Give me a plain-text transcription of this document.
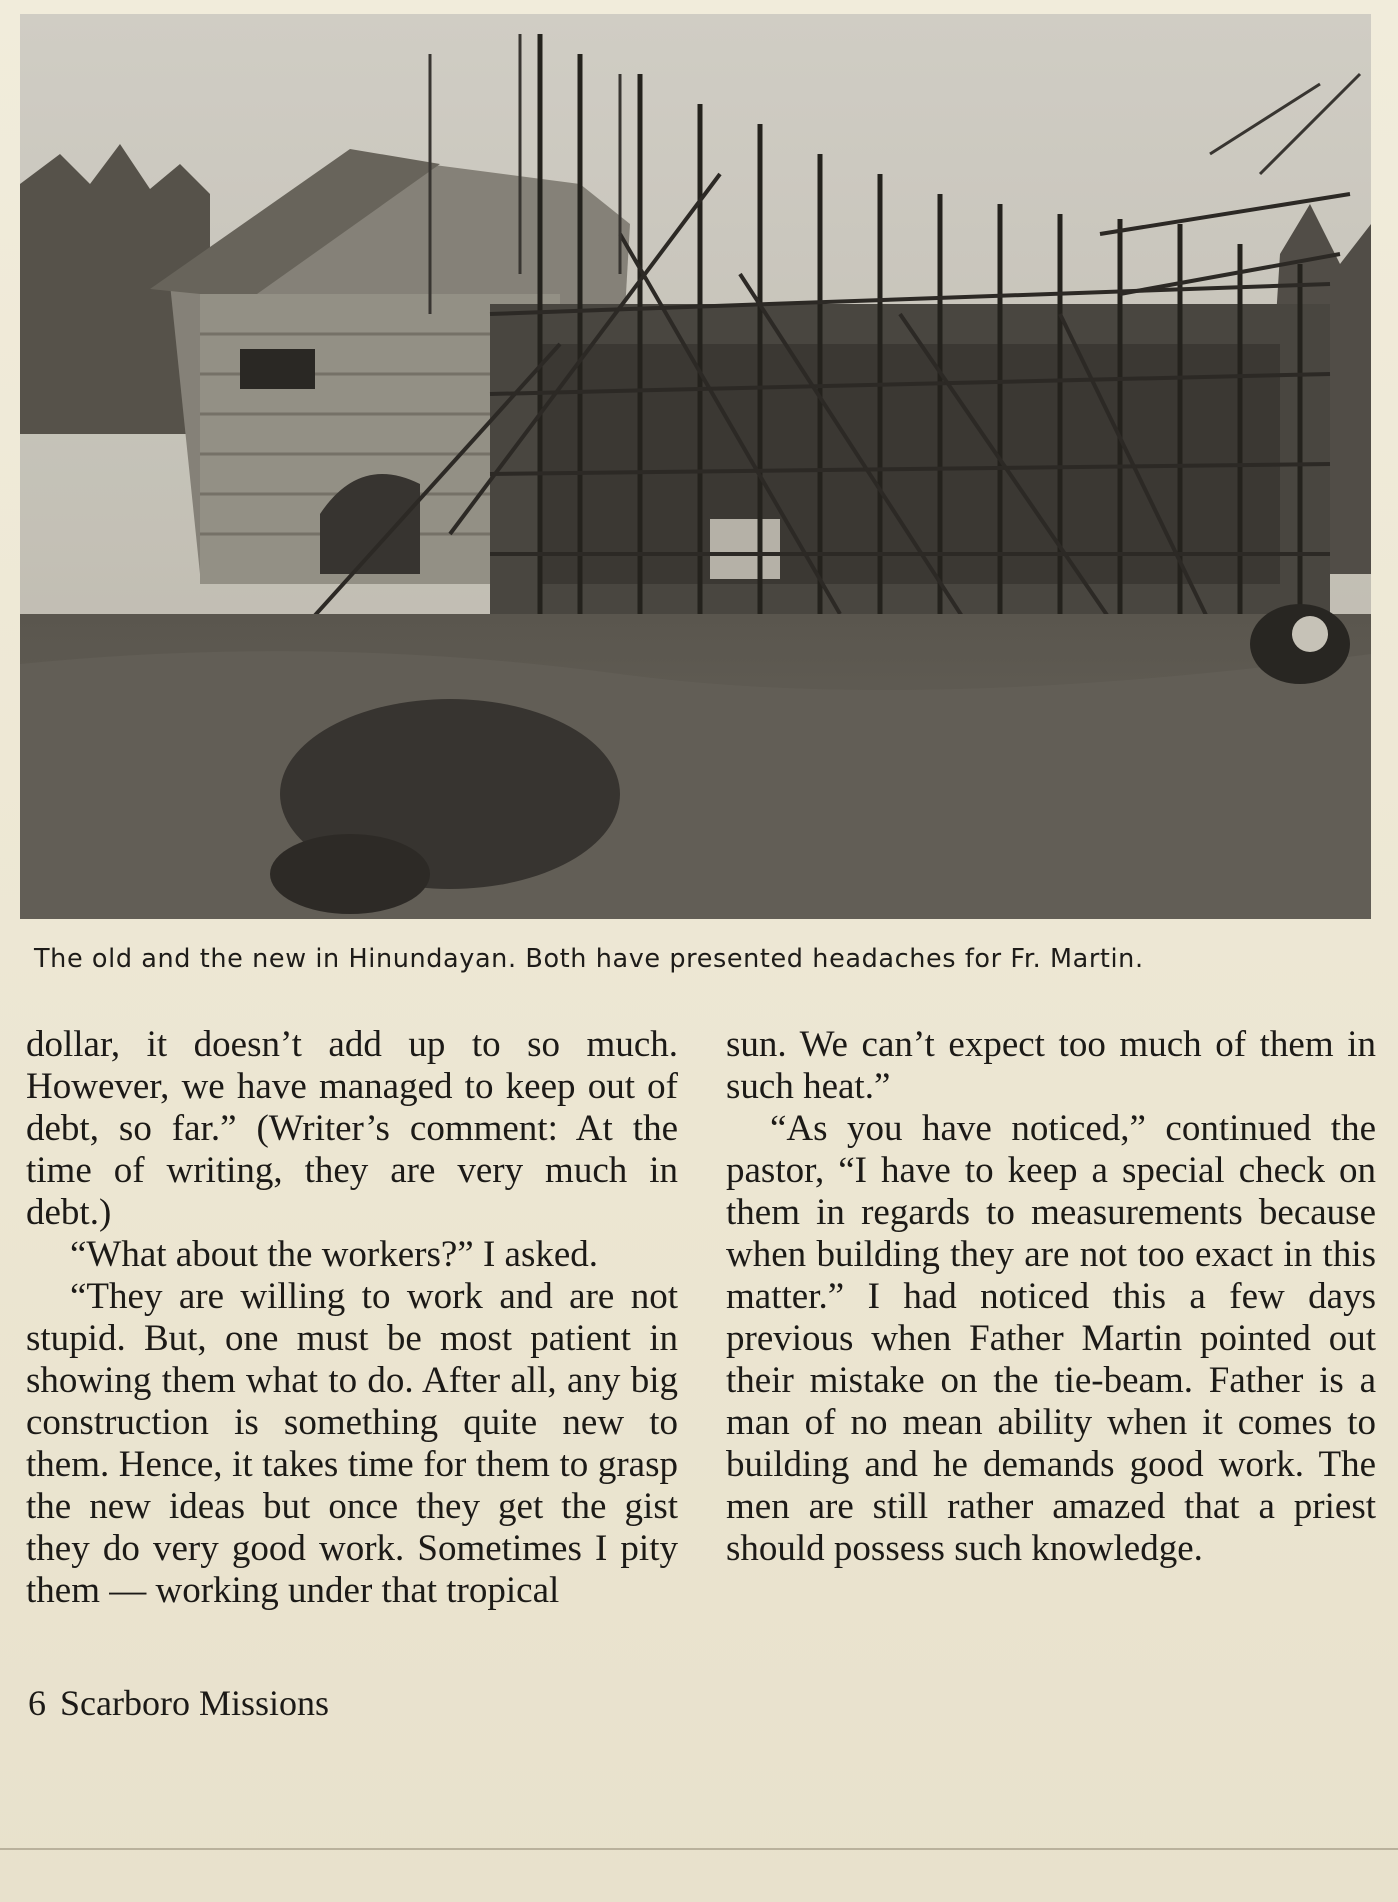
The old and the new in Hinundayan. Both have presented headaches for Fr. Martin.

dollar, it doesn’t add up to so much. However, we have managed to keep out of debt, so far.” (Writer’s comment: At the time of writing, they are very much in debt.)

“What about the workers?” I asked.

“They are willing to work and are not stupid. But, one must be most patient in showing them what to do. After all, any big construction is something quite new to them. Hence, it takes time for them to grasp the new ideas but once they get the gist they do very good work. Sometimes I pity them — working under that tropical

sun. We can’t expect too much of them in such heat.”

“As you have noticed,” continued the pastor, “I have to keep a special check on them in regards to measurements because when building they are not too exact in this matter.” I had noticed this a few days previous when Father Martin pointed out their mistake on the tie-beam. Father is a man of no mean ability when it comes to building and he demands good work. The men are still rather amazed that a priest should possess such knowledge.

6 Scarboro Missions
